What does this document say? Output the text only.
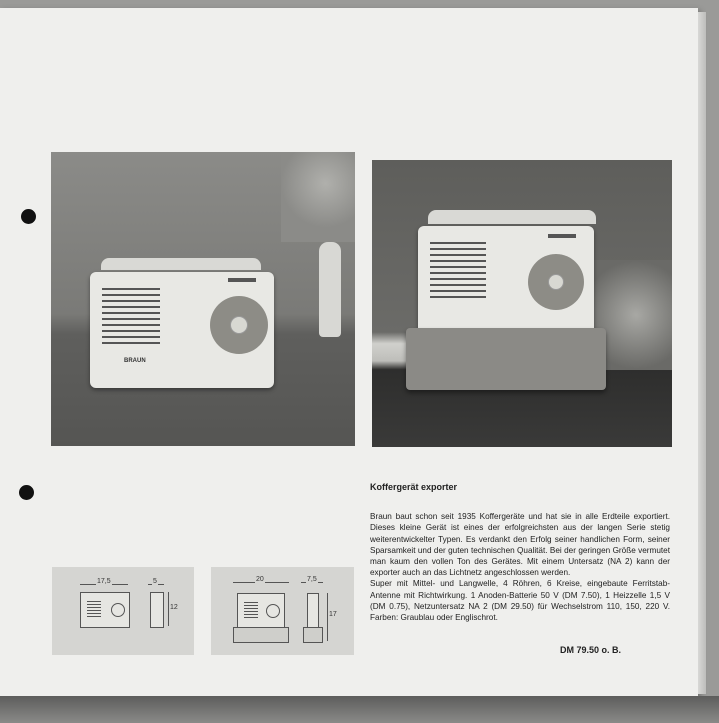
BRAUN
17,5	5
12
20	7,5
17
Koffergerät exporter

Braun baut schon seit 1935 Koffergeräte und hat sie in alle Erdteile exportiert. Dieses kleine Gerät ist eines der erfolgreichsten aus der langen Serie stetig weiterentwickelter Typen. Es verdankt den Erfolg seiner handlichen Form, seiner Sparsamkeit und der guten technischen Qualität. Bei der geringen Größe vermutet man kaum den vollen Ton des Gerätes. Mit einem Untersatz (NA 2) kann der exporter auch an das Lichtnetz angeschlossen werden.

Super mit Mittel- und Langwelle, 4 Röhren, 6 Kreise, eingebaute Ferritstab-Antenne mit Richtwirkung. 1 Anoden-Batterie 50 V (DM 7.50), 1 Heizzelle 1,5 V (DM 0.75), Netzuntersatz NA 2 (DM 29.50) für Wechselstrom 110, 150, 220 V. Farben: Graublau oder Englischrot.

DM 79.50 o. B.
